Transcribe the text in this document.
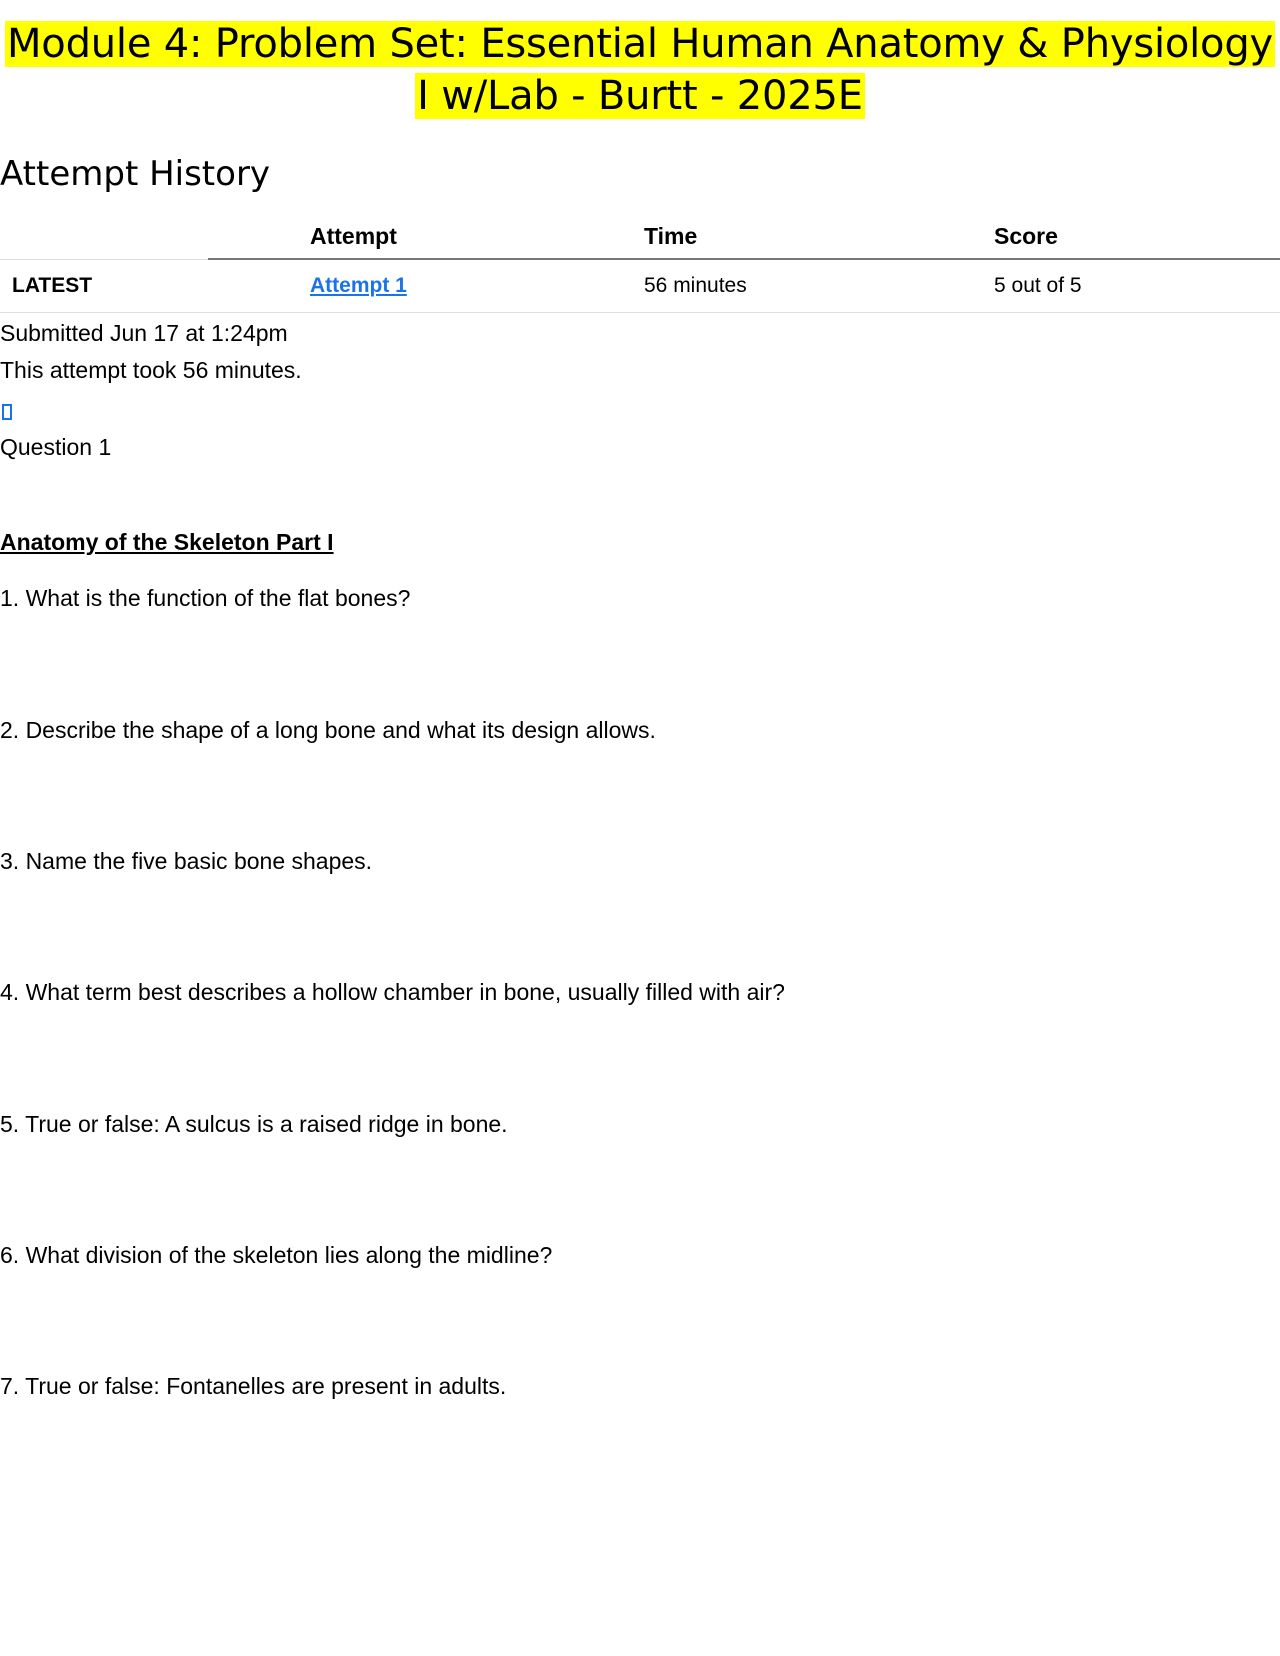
Module 4: Problem Set: Essential Human Anatomy & Physiology
I w/Lab - Burtt - 2025E
Attempt History
	Attempt	Time	Score
LATEST	Attempt 1	56 minutes	5 out of 5
Submitted Jun 17 at 1:24pm
This attempt took 56 minutes.
Question 1
Anatomy of the Skeleton Part I
1. What is the function of the flat bones?
2. Describe the shape of a long bone and what its design allows.
3. Name the five basic bone shapes.
4. What term best describes a hollow chamber in bone, usually filled with air?
5. True or false: A sulcus is a raised ridge in bone.
6. What division of the skeleton lies along the midline?
7. True or false: Fontanelles are present in adults.
